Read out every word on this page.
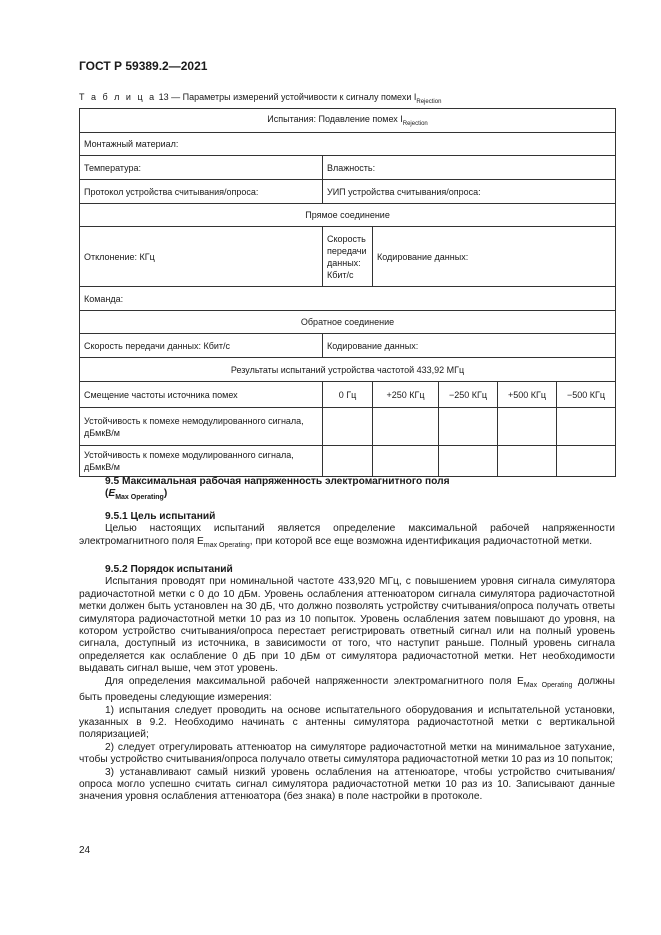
ГОСТ Р 59389.2—2021
Т а б л и ц а 13 — Параметры измерений устойчивости к сигналу помехи $I_{Rejection}$
Испытания: Подавление помех $I_{Rejection}$
Монтажный материал:					
Температура:	Влажность:				
Протокол устройства считывания/опроса:	УИП устройства считывания/опроса:				
Прямое соединение					
Отклонение: КГц	Скорость передачи данных: Кбит/с	Кодирование данных:			
Команда:					
Обратное соединение					
Скорость передачи данных: Кбит/с	Кодирование данных:				
Результаты испытаний устройства частотой 433,92 МГц					
Смещение частоты источника помех	0 Гц	+250 КГц	−250 КГц	+500 КГц	−500 КГц
Устойчивость к помехе немодулированного сигнала, дБмкВ/м					
Устойчивость к помехе модулированного сигнала, дБмкВ/м					

9.5 Максимальная рабочая напряженность электромагнитного поля

$(E_{Max Operating})$

9.5.1 Цель испытаний

Целью настоящих испытаний является определение максимальной рабочей напряженности электромагнитного поля $E_{max Operating}$, при которой все еще возможна идентификация радиочастотной метки.

9.5.2 Порядок испытаний

Испытания проводят при номинальной частоте 433,920 МГц, с повышением уровня сигнала симулятора радиочастотной метки с 0 до 10 дБм. Уровень ослабления аттенюатором сигнала симулятора радиочастотной метки должен быть установлен на 30 дБ, что должно позволять устройству считывания/опроса получать ответы симулятора радиочастотной метки 10 раз из 10 попыток. Уровень ослабления затем повышают до уровня, на котором устройство считывания/опроса перестает регистрировать ответный сигнал или на полный уровень сигнала, доступный из источника, в зависимости от того, что наступит раньше. Полный уровень сигнала определяется как ослабление 0 дБ при 10 дБм от симулятора радиочастотной метки. Нет необходимости выдавать сигнал выше, чем этот уровень.

Для определения максимальной рабочей напряженности электромагнитного поля $E_{Max Operating}$ должны быть проведены следующие измерения:

1) испытания следует проводить на основе испытательного оборудования и испытательной установки, указанных в 9.2. Необходимо начинать с антенны симулятора радиочастотной метки с вертикальной поляризацией;

2) следует отрегулировать аттенюатор на симуляторе радиочастотной метки на минимальное затухание, чтобы устройство считывания/опроса получало ответы симулятора радиочастотной метки 10 раз из 10 попыток;

3) устанавливают самый низкий уровень ослабления на аттенюаторе, чтобы устройство считывания/опроса могло успешно считать сигнал симулятора радиочастотной метки 10 раз из 10. Записывают данные значения уровня ослабления аттенюатора (без знака) в поле настройки в протоколе.

24
